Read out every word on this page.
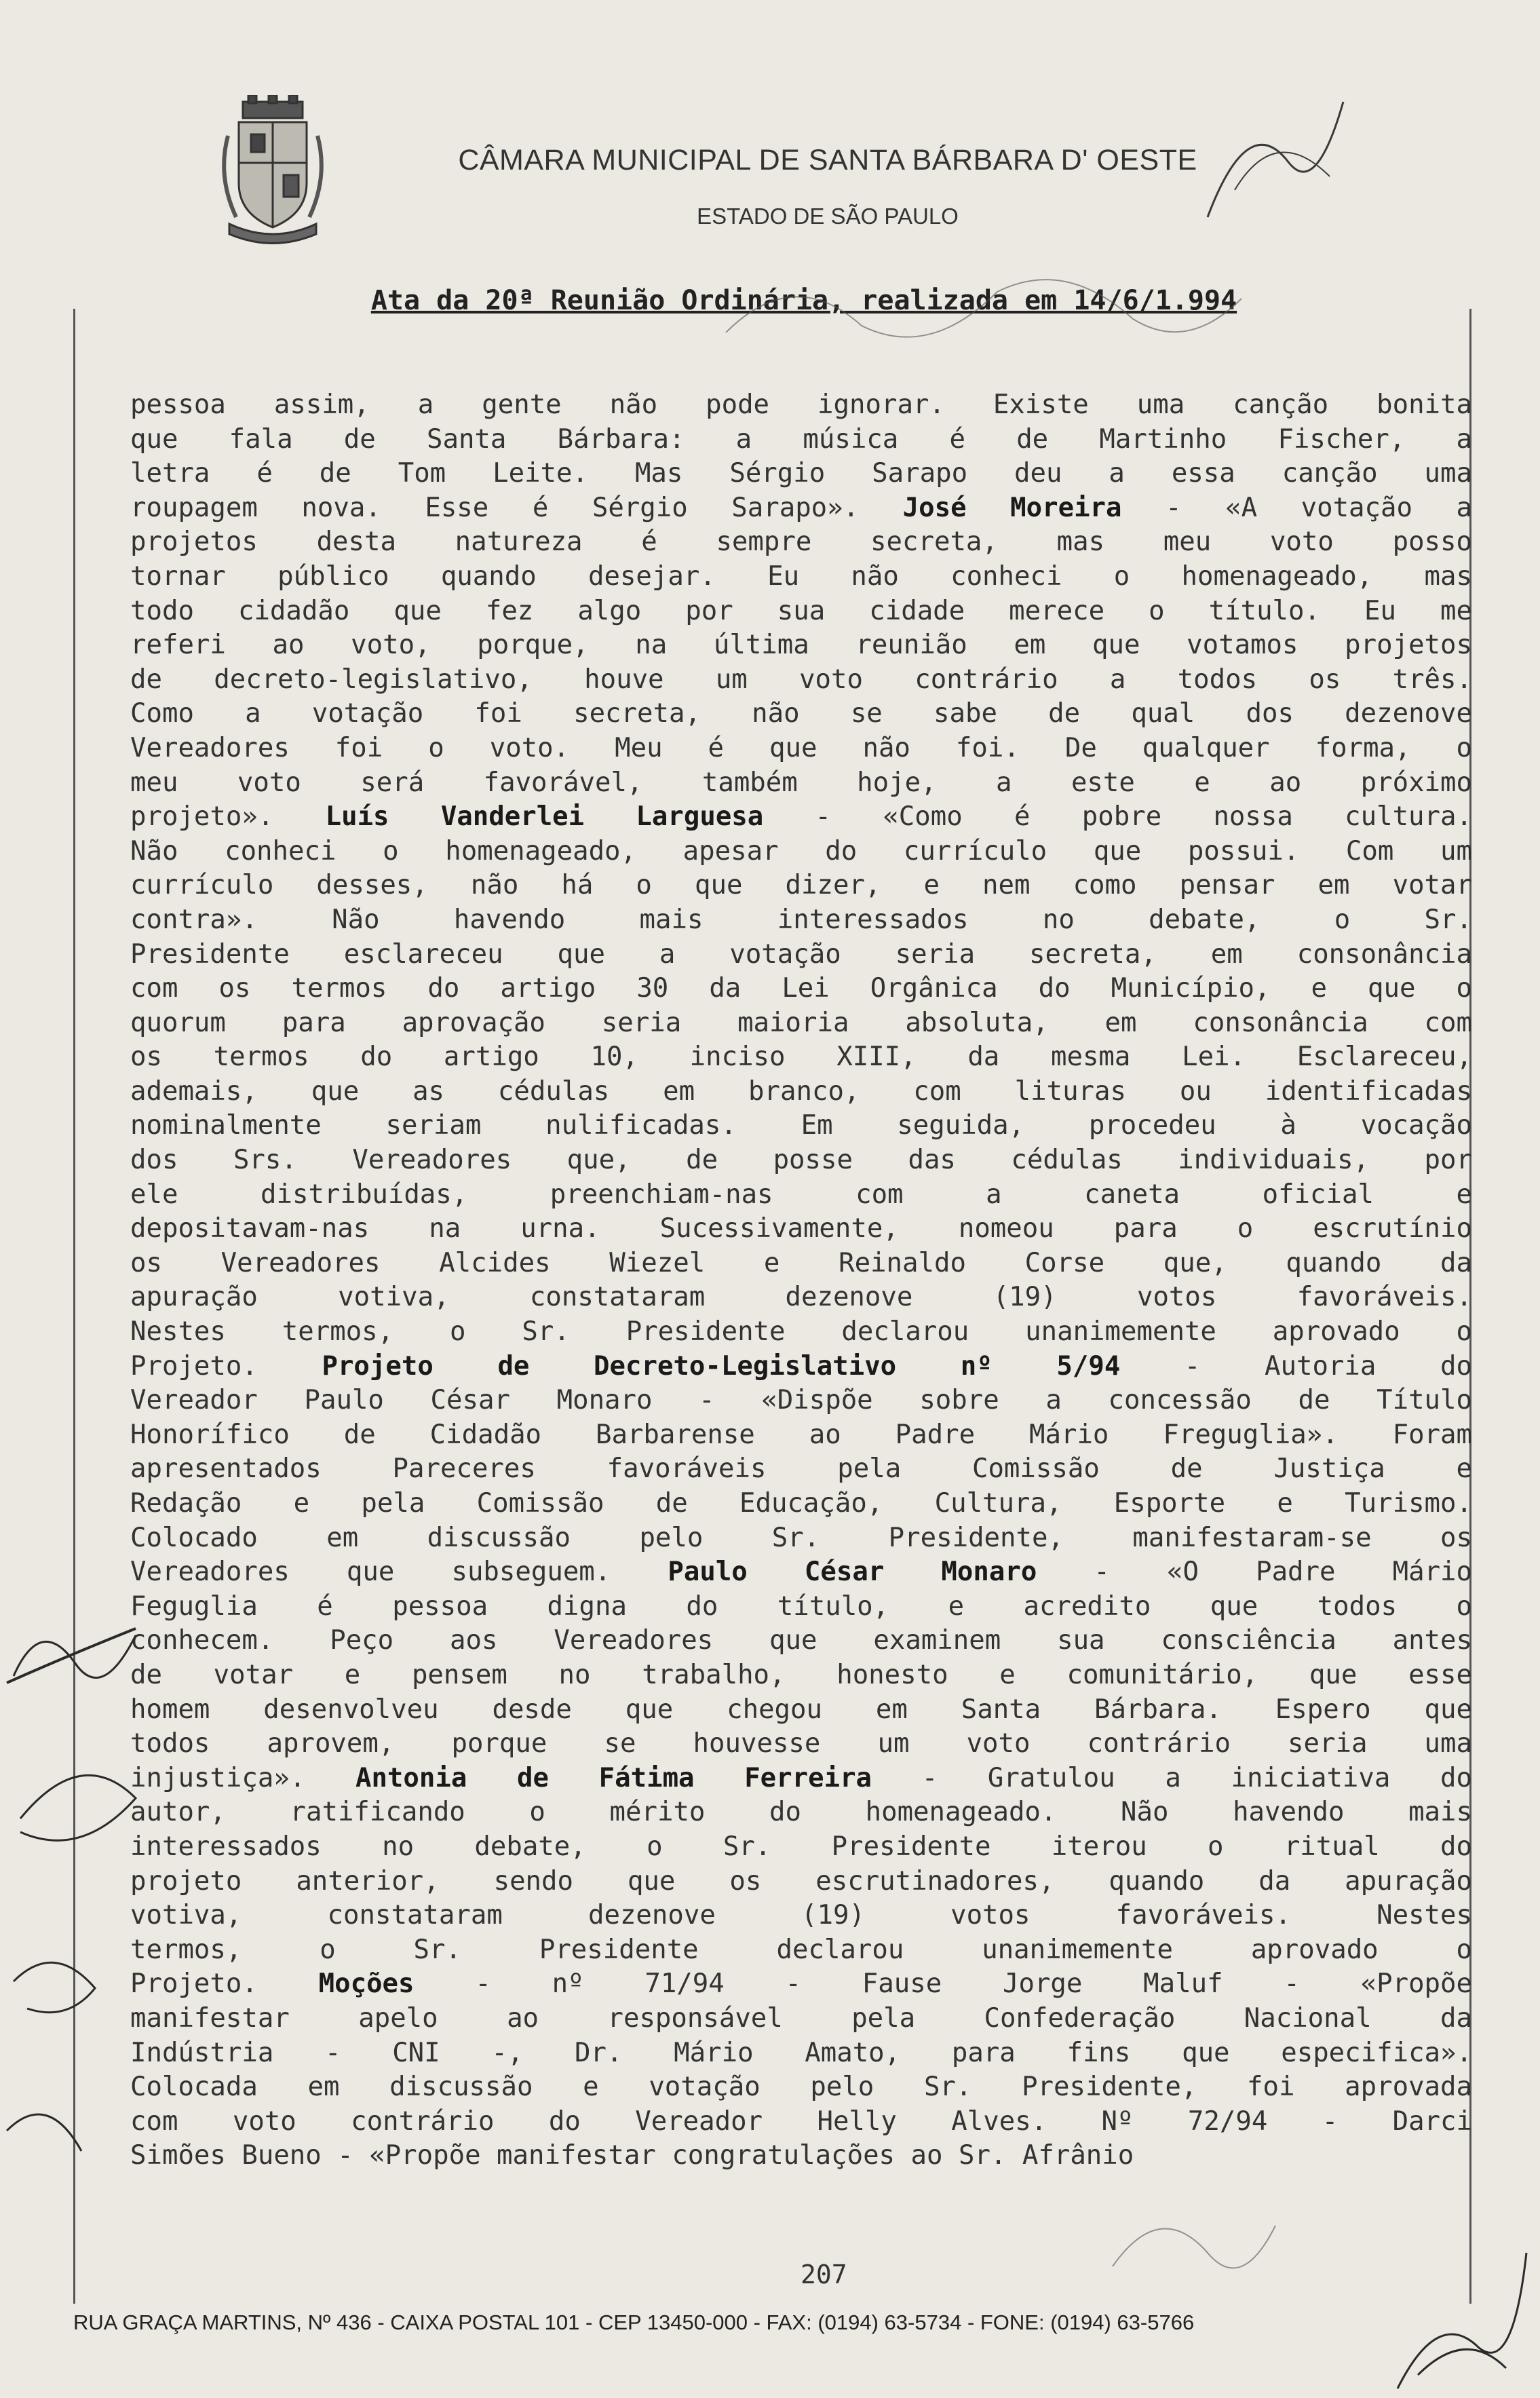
CÂMARA MUNICIPAL DE SANTA BÁRBARA D' OESTE
ESTADO DE SÃO PAULO
Ata da 20ª Reunião Ordinária, realizada em 14/6/1.994
pessoa assim, a gente não pode ignorar. Existe uma canção bonita
que fala de Santa Bárbara: a música é de Martinho Fischer, a
letra é de Tom Leite. Mas Sérgio Sarapo deu a essa canção uma
roupagem nova. Esse é Sérgio Sarapo». José Moreira - «A votação a
projetos desta natureza é sempre secreta, mas meu voto posso
tornar público quando desejar. Eu não conheci o homenageado, mas
todo cidadão que fez algo por sua cidade merece o título. Eu me
referi ao voto, porque, na última reunião em que votamos projetos
de decreto-legislativo, houve um voto contrário a todos os três.
Como a votação foi secreta, não se sabe de qual dos dezenove
Vereadores foi o voto. Meu é que não foi. De qualquer forma, o
meu voto será favorável, também hoje, a este e ao próximo
projeto». Luís Vanderlei Larguesa - «Como é pobre nossa cultura.
Não conheci o homenageado, apesar do currículo que possui. Com um
currículo desses, não há o que dizer, e nem como pensar em votar
contra». Não havendo mais interessados no debate, o Sr.
Presidente esclareceu que a votação seria secreta, em consonância
com os termos do artigo 30 da Lei Orgânica do Município, e que o
quorum para aprovação seria maioria absoluta, em consonância com
os termos do artigo 10, inciso XIII, da mesma Lei. Esclareceu,
ademais, que as cédulas em branco, com lituras ou identificadas
nominalmente seriam nulificadas. Em seguida, procedeu à vocação
dos Srs. Vereadores que, de posse das cédulas individuais, por
ele distribuídas, preenchiam-nas com a caneta oficial e
depositavam-nas na urna. Sucessivamente, nomeou para o escrutínio
os Vereadores Alcides Wiezel e Reinaldo Corse que, quando da
apuração votiva, constataram dezenove (19) votos favoráveis.
Nestes termos, o Sr. Presidente declarou unanimemente aprovado o
Projeto. Projeto de Decreto-Legislativo nº 5/94 - Autoria do
Vereador Paulo César Monaro - «Dispõe sobre a concessão de Título
Honorífico de Cidadão Barbarense ao Padre Mário Freguglia». Foram
apresentados Pareceres favoráveis pela Comissão de Justiça e
Redação e pela Comissão de Educação, Cultura, Esporte e Turismo.
Colocado em discussão pelo Sr. Presidente, manifestaram-se os
Vereadores que subseguem. Paulo César Monaro - «O Padre Mário
Feguglia é pessoa digna do título, e acredito que todos o
conhecem. Peço aos Vereadores que examinem sua consciência antes
de votar e pensem no trabalho, honesto e comunitário, que esse
homem desenvolveu desde que chegou em Santa Bárbara. Espero que
todos aprovem, porque se houvesse um voto contrário seria uma
injustiça». Antonia de Fátima Ferreira - Gratulou a iniciativa do
autor, ratificando o mérito do homenageado. Não havendo mais
interessados no debate, o Sr. Presidente iterou o ritual do
projeto anterior, sendo que os escrutinadores, quando da apuração
votiva, constataram dezenove (19) votos favoráveis. Nestes
termos, o Sr. Presidente declarou unanimemente aprovado o
Projeto. Moções - nº 71/94 - Fause Jorge Maluf - «Propõe
manifestar apelo ao responsável pela Confederação Nacional da
Indústria - CNI -, Dr. Mário Amato, para fins que especifica».
Colocada em discussão e votação pelo Sr. Presidente, foi aprovada
com voto contrário do Vereador Helly Alves. Nº 72/94 - Darci
Simões Bueno - «Propõe manifestar congratulações ao Sr. Afrânio
207
RUA GRAÇA MARTINS, Nº 436 - CAIXA POSTAL 101 - CEP 13450-000 - FAX: (0194) 63-5734 - FONE: (0194) 63-5766
